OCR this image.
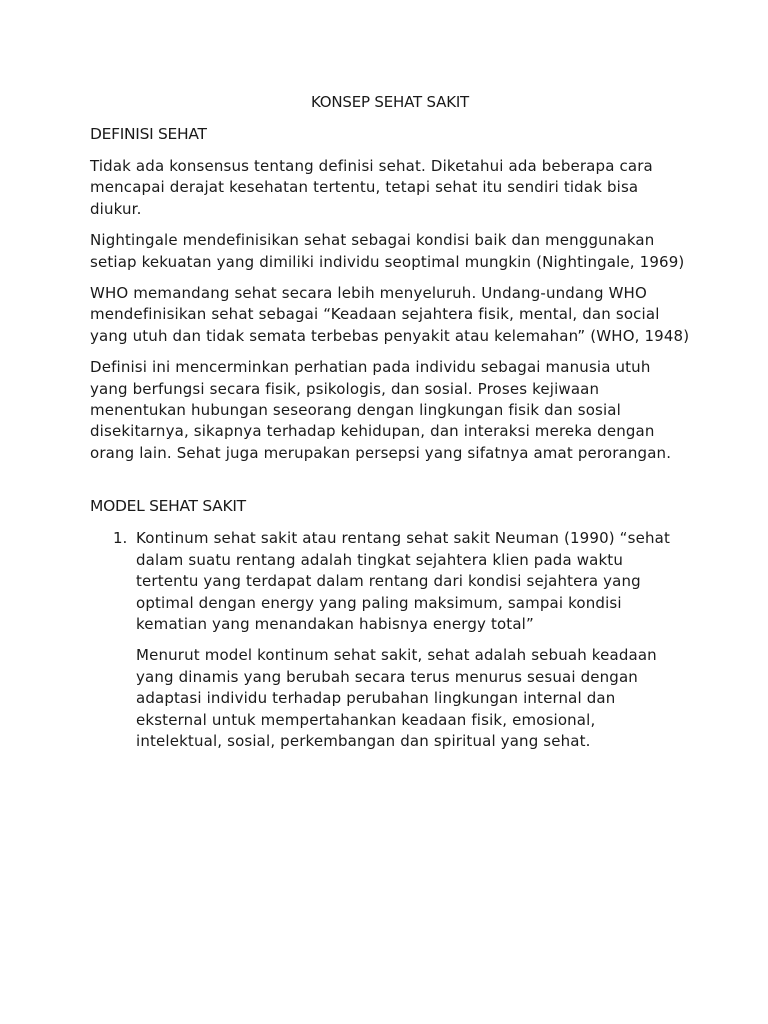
KONSEP SEHAT SAKIT
DEFINISI SEHAT

Tidak ada konsensus tentang definisi sehat. Diketahui ada beberapa cara mencapai derajat kesehatan tertentu, tetapi sehat itu sendiri tidak bisa diukur.

Nightingale mendefinisikan sehat sebagai kondisi baik dan menggunakan setiap kekuatan yang dimiliki individu seoptimal mungkin (Nightingale, 1969)

WHO memandang sehat secara lebih menyeluruh. Undang-undang WHO mendefinisikan sehat sebagai “Keadaan sejahtera fisik, mental, dan social yang utuh dan tidak semata terbebas penyakit atau kelemahan” (WHO, 1948)

Definisi ini mencerminkan perhatian pada individu sebagai manusia utuh yang berfungsi secara fisik, psikologis, dan sosial. Proses kejiwaan menentukan hubungan seseorang dengan lingkungan fisik dan sosial disekitarnya, sikapnya terhadap kehidupan, dan interaksi mereka dengan orang lain. Sehat juga merupakan persepsi yang sifatnya amat perorangan.

MODEL SEHAT SAKIT
1. Kontinum sehat sakit atau rentang sehat sakit Neuman (1990) “sehat dalam suatu rentang adalah tingkat sejahtera klien pada waktu tertentu yang terdapat dalam rentang dari kondisi sejahtera yang optimal dengan energy yang paling maksimum, sampai kondisi kematian yang menandakan habisnya energy total”

Menurut model kontinum sehat sakit, sehat adalah sebuah keadaan yang dinamis yang berubah secara terus menurus sesuai dengan adaptasi individu terhadap perubahan lingkungan internal dan eksternal untuk mempertahankan keadaan fisik, emosional, intelektual, sosial, perkembangan dan spiritual yang sehat.
